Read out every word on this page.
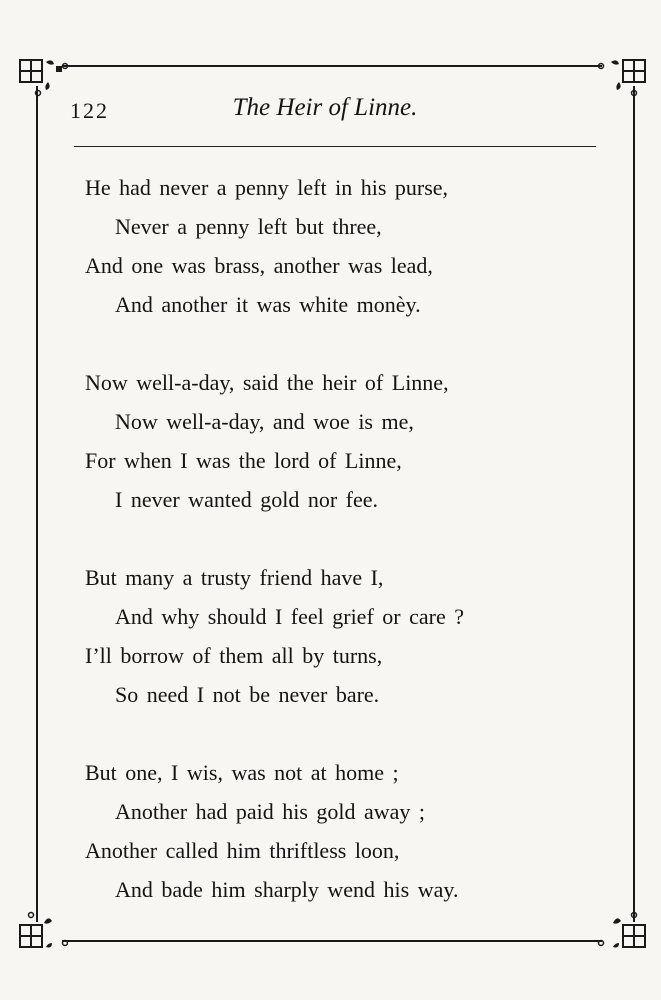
122	The Heir of Linne.
He had never a penny left in his purse,
Never a penny left but three,
And one was brass, another was lead,
And another it was white monèy.
Now well-a-day, said the heir of Linne,
Now well-a-day, and woe is me,
For when I was the lord of Linne,
I never wanted gold nor fee.
But many a trusty friend have I,
And why should I feel grief or care ?
I’ll borrow of them all by turns,
So need I not be never bare.
But one, I wis, was not at home ;
Another had paid his gold away ;
Another called him thriftless loon,
And bade him sharply wend his way.
